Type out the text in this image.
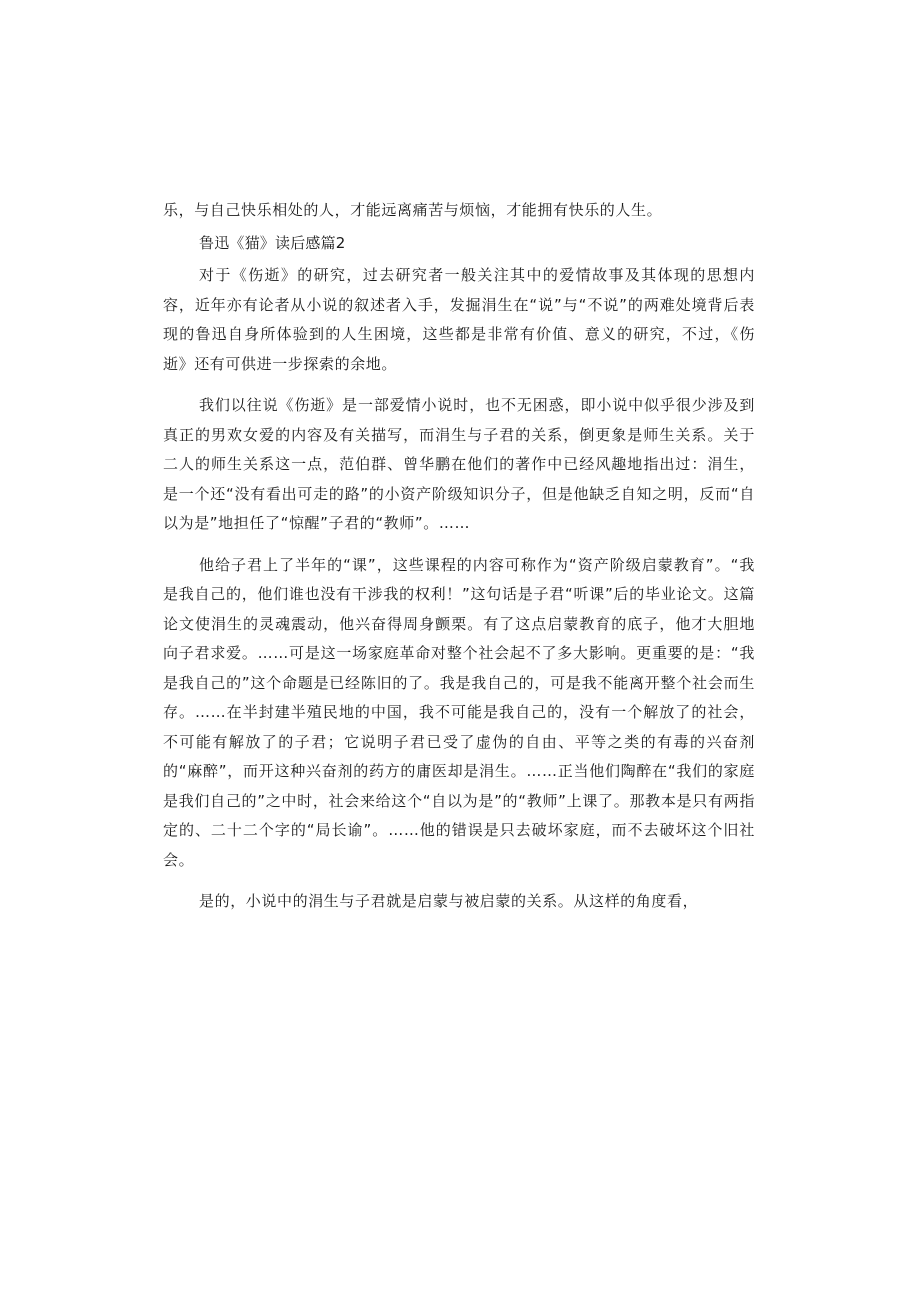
乐，与自己快乐相处的人，才能远离痛苦与烦恼，才能拥有快乐的人生。

鲁迅《猫》读后感篇2

对于《伤逝》的研究，过去研究者一般关注其中的爱情故事及其体现的思想内容，近年亦有论者从小说的叙述者入手，发掘涓生在“说”与“不说”的两难处境背后表现的鲁迅自身所体验到的人生困境，这些都是非常有价值、意义的研究，不过，《伤逝》还有可供进一步探索的余地。

我们以往说《伤逝》是一部爱情小说时，也不无困惑，即小说中似乎很少涉及到真正的男欢女爱的内容及有关描写，而涓生与子君的关系，倒更象是师生关系。关于二人的师生关系这一点，范伯群、曾华鹏在他们的著作中已经风趣地指出过：涓生，是一个还“没有看出可走的路”的小资产阶级知识分子，但是他缺乏自知之明，反而“自以为是”地担任了“惊醒”子君的“教师”。……

他给子君上了半年的“课”，这些课程的内容可称作为“资产阶级启蒙教育”。“我是我自己的，他们谁也没有干涉我的权利！”这句话是子君“听课”后的毕业论文。这篇论文使涓生的灵魂震动，他兴奋得周身颤栗。有了这点启蒙教育的底子，他才大胆地向子君求爱。……可是这一场家庭革命对整个社会起不了多大影响。更重要的是：“我是我自己的”这个命题是已经陈旧的了。我是我自己的，可是我不能离开整个社会而生存。……在半封建半殖民地的中国，我不可能是我自己的，没有一个解放了的社会，不可能有解放了的子君；它说明子君已受了虚伪的自由、平等之类的有毒的兴奋剂的“麻醉”，而开这种兴奋剂的药方的庸医却是涓生。……正当他们陶醉在“我们的家庭是我们自己的”之中时，社会来给这个“自以为是”的“教师”上课了。那教本是只有两指定的、二十二个字的“局长谕”。……他的错误是只去破坏家庭，而不去破坏这个旧社会。

是的，小说中的涓生与子君就是启蒙与被启蒙的关系。从这样的角度看，
